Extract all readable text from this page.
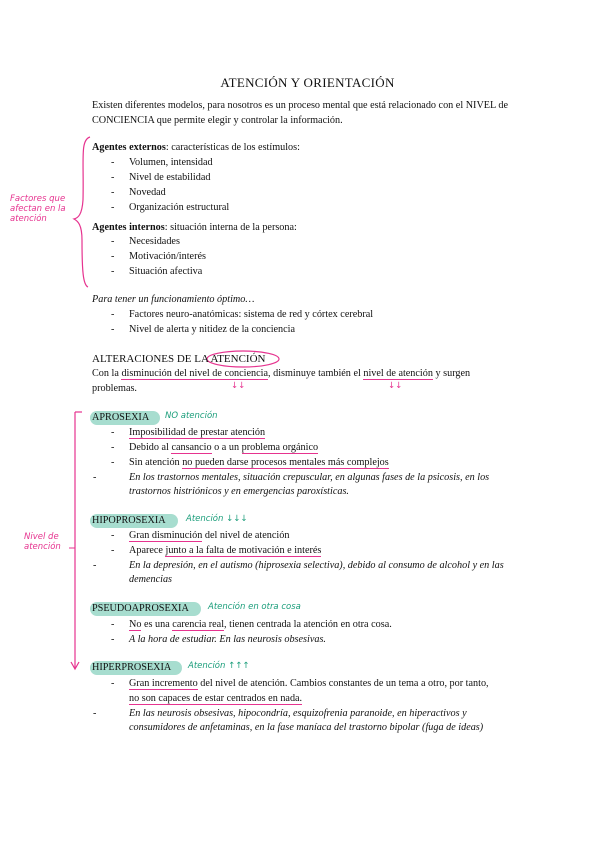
ATENCIÓN Y ORIENTACIÓN
Existen diferentes modelos, para nosotros es un proceso mental que está relacionado con el NIVEL de CONCIENCIA que permite elegir y controlar la información.
Factores que afectan en la atención
Nivel de atención
Agentes externos: características de los estímulos:
- Volumen, intensidad
- Nivel de estabilidad
- Novedad
- Organización estructural
Agentes internos: situación interna de la persona:
- Necesidades
- Motivación/interés
- Situación afectiva
Para tener un funcionamiento óptimo…
- Factores neuro-anatómicas: sistema de red y córtex cerebral
- Nivel de alerta y nitidez de la conciencia
ALTERACIONES DE LA ATENCIÓN
Con la disminución del nivel de conciencia, disminuye también el nivel de atención y surgen
problemas.	↓↓	↓↓
APROSEXIA NO atención
- Imposibilidad de prestar atención
- Debido al cansancio o a un problema orgánico
- Sin atención no pueden darse procesos mentales más complejos
-	En los trastornos mentales, situación crepuscular, en algunas fases de la psicosis, en los trastornos histriónicos y en emergencias paroxísticas.
HIPOPROSEXIA Atención ↓↓↓
- Gran disminución del nivel de atención
- Aparece junto a la falta de motivación e interés
-	En la depresión, en el autismo (hiprosexia selectiva), debido al consumo de alcohol y en las demencias
PSEUDOAPROSEXIA Atención en otra cosa
- No es una carencia real, tienen centrada la atención en otra cosa.
- A la hora de estudiar. En las neurosis obsesivas.
HIPERPROSEXIA Atención ↑↑↑
- Gran incremento del nivel de atención. Cambios constantes de un tema a otro, por tanto,
no son capaces de estar centrados en nada.
-	En las neurosis obsesivas, hipocondría, esquizofrenia paranoide, en hiperactivos y consumidores de anfetaminas, en la fase maníaca del trastorno bipolar (fuga de ideas)
